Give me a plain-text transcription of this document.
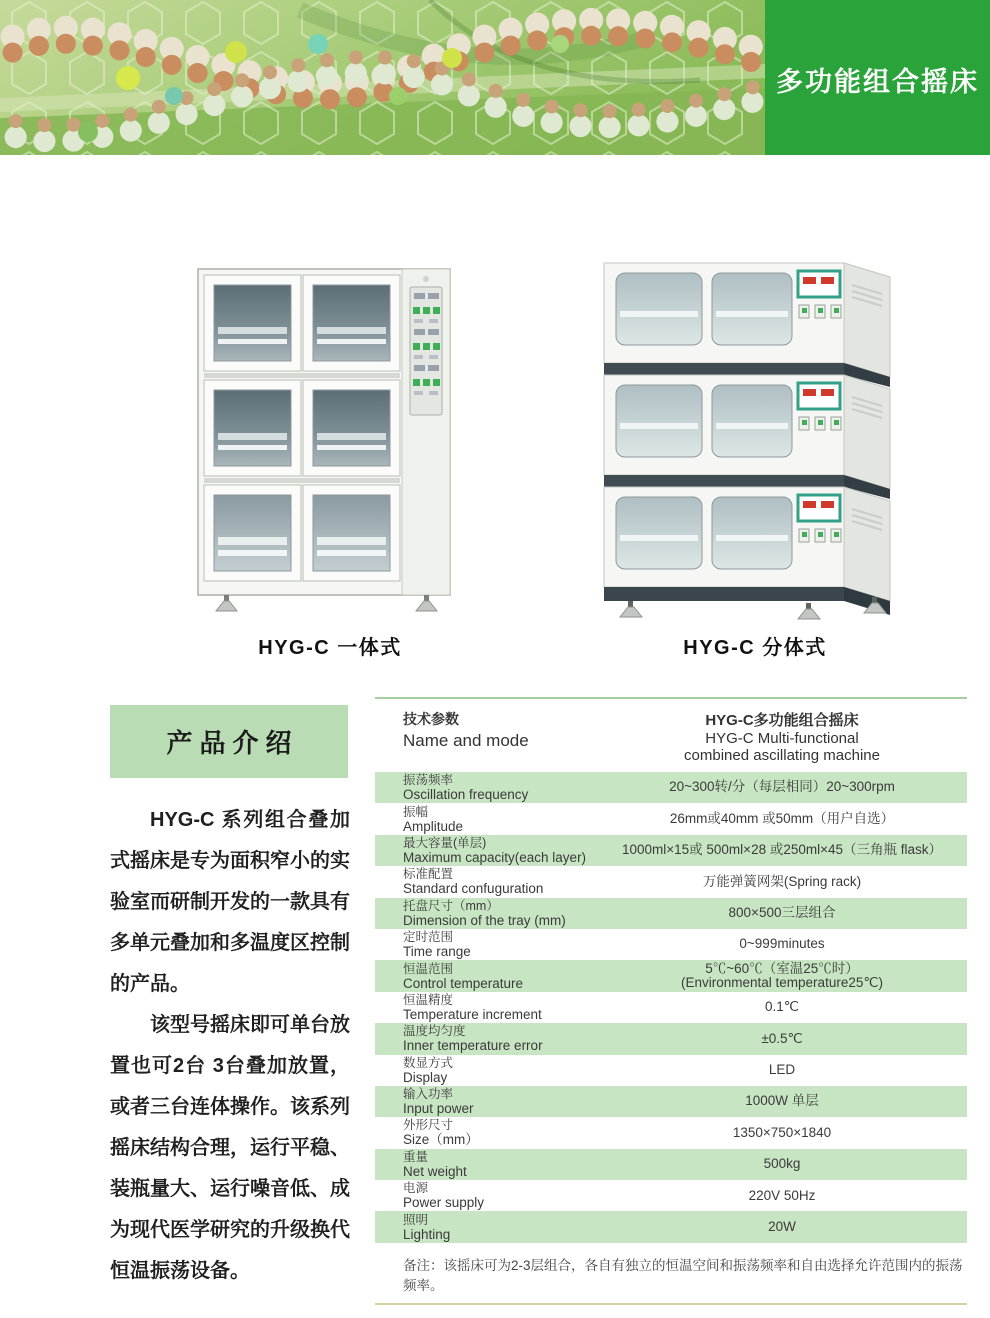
多功能组合摇床
HYG-C 一体式	HYG-C 分体式
产品介绍

HYG-C 系列组合叠加式摇床是专为面积窄小的实验室而研制开发的一款具有多单元叠加和多温度区控制的产品。

该型号摇床即可单台放置也可2台 3台叠加放置，或者三台连体操作。该系列摇床结构合理，运行平稳、装瓶量大、运行噪音低、成为现代医学研究的升级换代恒温振荡设备。

技术参数
Name and mode
HYG-C多功能组合摇床
HYG-C Multi-functional
combined ascillating machine
振荡频率
Oscillation frequency
20~300转/分（每层相同）20~300rpm
振幅
Amplitude
26mm或40mm 或50mm（用户自选）
最大容量(单层)
Maximum capacity(each layer)
1000ml×15或 500ml×28 或250ml×45（三角瓶 flask）
标准配置
Standard confuguration
万能弹簧网架(Spring rack)
托盘尺寸（mm）
Dimension of the tray (mm)
800×500三层组合
定时范围
Time range
0~999minutes
恒温范围
Control temperature
5℃~60℃（室温25℃时）
(Environmental temperature25℃)
恒温精度
Temperature increment
0.1℃
温度均匀度
Inner temperature error
±0.5℃
数显方式
Display
LED
输入功率
Input power
1000W 单层
外形尺寸
Size（mm）
1350×750×1840
重量
Net weight
500kg
电源
Power supply
220V 50Hz
照明
Lighting
20W
备注：该摇床可为2-3层组合，各自有独立的恒温空间和振荡频率和自由选择允许范围内的振荡频率。
